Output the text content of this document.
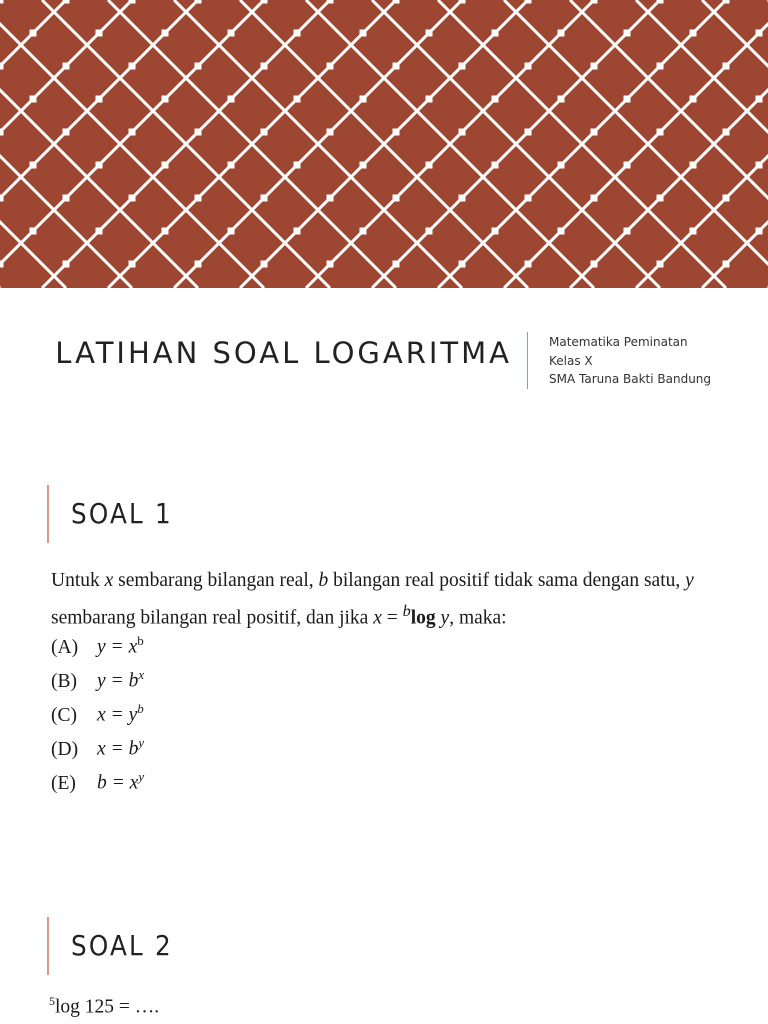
LATIHAN SOAL LOGARITMA	Matematika Peminatan
Kelas X
SMA Taruna Bakti Bandung
SOAL 1
Untuk x sembarang bilangan real, b bilangan real positif tidak sama dengan satu, y sembarang bilangan real positif, dan jika x = $^b$log y, maka:
(A) $y = x^b$
(B) $y = b^x$
(C) $x = y^b$
(D) $x = b^y$
(E) $b = x^y$
SOAL 2
$^5$log 125 = ….
